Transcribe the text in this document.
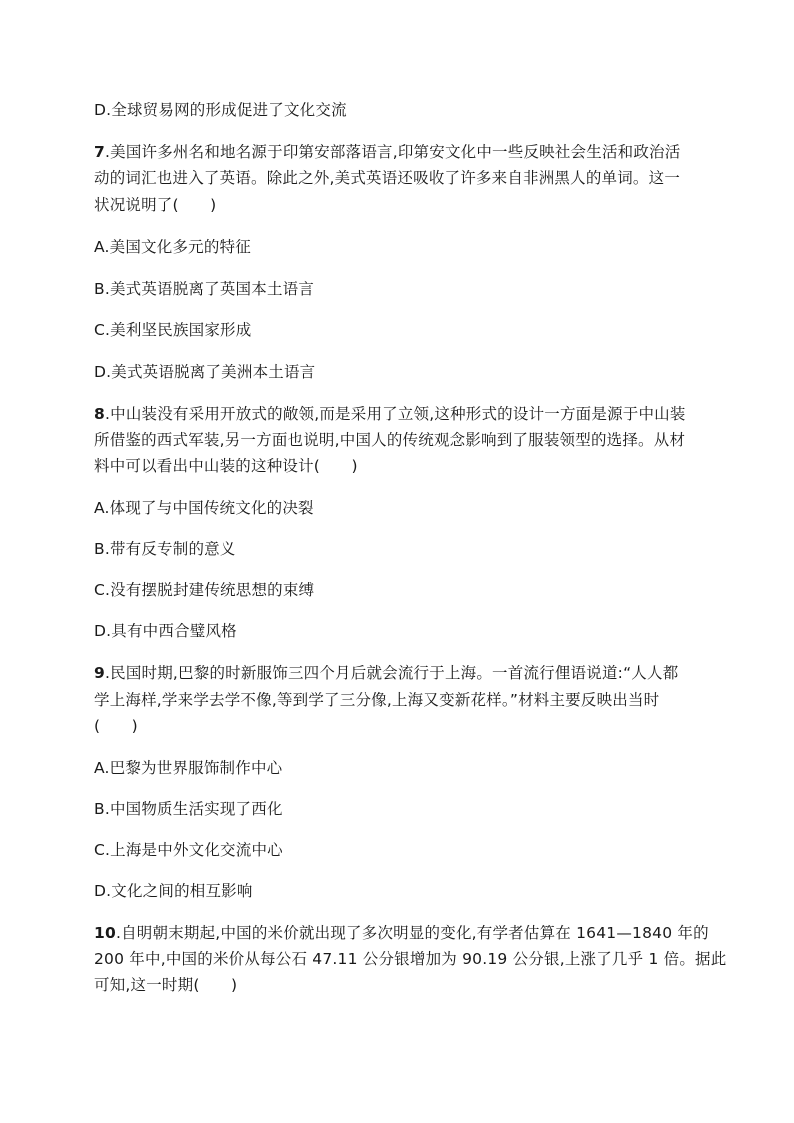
D.全球贸易网的形成促进了文化交流
7.美国许多州名和地名源于印第安部落语言,印第安文化中一些反映社会生活和政治活
动的词汇也进入了英语。除此之外,美式英语还吸收了许多来自非洲黑人的单词。这一
状况说明了(　　)
A.美国文化多元的特征
B.美式英语脱离了英国本土语言
C.美利坚民族国家形成
D.美式英语脱离了美洲本土语言
8.中山装没有采用开放式的敞领,而是采用了立领,这种形式的设计一方面是源于中山装
所借鉴的西式军装,另一方面也说明,中国人的传统观念影响到了服装领型的选择。从材
料中可以看出中山装的这种设计(　　)
A.体现了与中国传统文化的决裂
B.带有反专制的意义
C.没有摆脱封建传统思想的束缚
D.具有中西合璧风格
9.民国时期,巴黎的时新服饰三四个月后就会流行于上海。一首流行俚语说道:“人人都
学上海样,学来学去学不像,等到学了三分像,上海又变新花样。”材料主要反映出当时
(　　)
A.巴黎为世界服饰制作中心
B.中国物质生活实现了西化
C.上海是中外文化交流中心
D.文化之间的相互影响
10.自明朝末期起,中国的米价就出现了多次明显的变化,有学者估算在 1641—1840 年的
200 年中,中国的米价从每公石 47.11 公分银增加为 90.19 公分银,上涨了几乎 1 倍。据此
可知,这一时期(　　)
